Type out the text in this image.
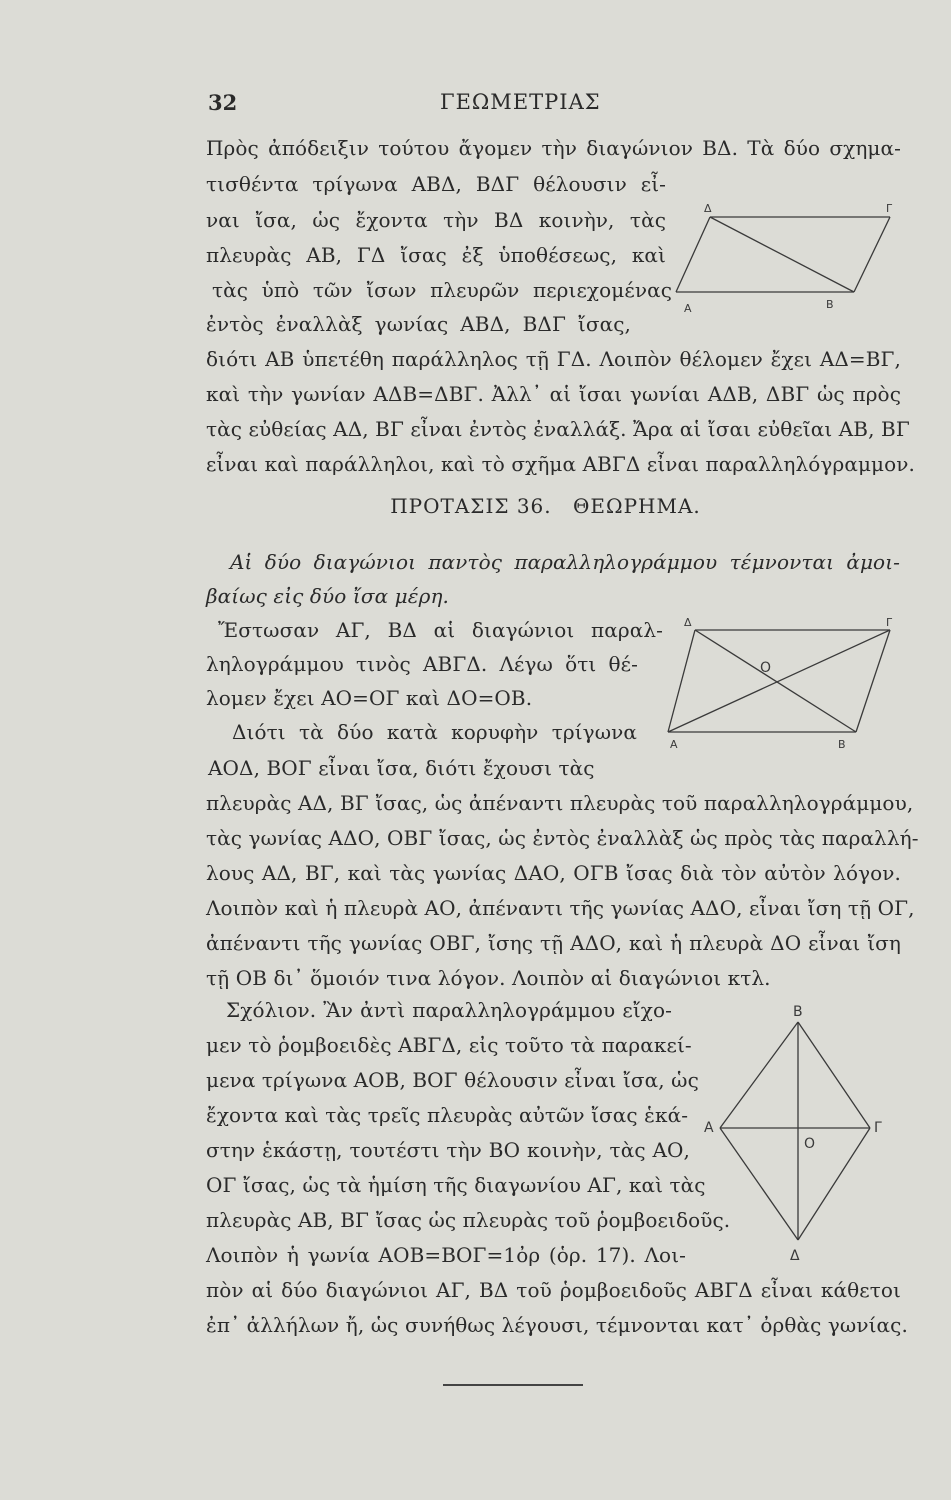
32	ΓΕΩΜΕΤΡΙΑΣ
Πρὸς ἀπόδειξιν τούτου ἄγομεν τὴν διαγώνιον ΒΔ. Τὰ δύο σχημα-
τισθέντα τρίγωνα ΑΒΔ, ΒΔΓ θέλουσιν εἶ-
ναι ἴσα, ὡς ἔχοντα τὴν ΒΔ κοινὴν, τὰς
πλευρὰς ΑΒ, ΓΔ ἴσας ἐξ ὑποθέσεως, καὶ
τὰς ὑπὸ τῶν ἴσων πλευρῶν περιεχομένας
ἐντὸς ἐναλλὰξ γωνίας ΑΒΔ, ΒΔΓ ἴσας,
διότι ΑΒ ὑπετέθη παράλληλος τῇ ΓΔ. Λοιπὸν θέλομεν ἔχει ΑΔ=ΒΓ,
καὶ τὴν γωνίαν ΑΔΒ=ΔΒΓ. Ἀλλ᾽ αἱ ἴσαι γωνίαι ΑΔΒ, ΔΒΓ ὡς πρὸς
τὰς εὐθείας ΑΔ, ΒΓ εἶναι ἐντὸς ἐναλλάξ. Ἄρα αἱ ἴσαι εὐθεῖαι ΑΒ, ΒΓ
εἶναι καὶ παράλληλοι, καὶ τὸ σχῆμα ΑΒΓΔ εἶναι παραλληλόγραμμον.
Δ	Γ
Α	Β
ΠΡΟΤΑΣΙΣ 36. ΘΕΩΡΗΜΑ.
Αἱ δύο διαγώνιοι παντὸς παραλληλογράμμου τέμνονται ἀμοι-
βαίως εἰς δύο ἴσα μέρη.
Ἔστωσαν ΑΓ, ΒΔ αἱ διαγώνιοι παραλ-
ληλογράμμου τινὸς ΑΒΓΔ. Λέγω ὅτι θέ-
λομεν ἔχει ΑΟ=ΟΓ καὶ ΔΟ=ΟΒ.
Διότι τὰ δύο κατὰ κορυφὴν τρίγωνα
ΑΟΔ, ΒΟΓ εἶναι ἴσα, διότι ἔχουσι τὰς
πλευρὰς ΑΔ, ΒΓ ἴσας, ὡς ἀπέναντι πλευρὰς τοῦ παραλληλογράμμου,
τὰς γωνίας ΑΔΟ, ΟΒΓ ἴσας, ὡς ἐντὸς ἐναλλὰξ ὡς πρὸς τὰς παραλλή-
λους ΑΔ, ΒΓ, καὶ τὰς γωνίας ΔΑΟ, ΟΓΒ ἴσας διὰ τὸν αὐτὸν λόγον.
Λοιπὸν καὶ ἡ πλευρὰ ΑΟ, ἀπέναντι τῆς γωνίας ΑΔΟ, εἶναι ἴση τῇ ΟΓ,
ἀπέναντι τῆς γωνίας ΟΒΓ, ἴσης τῇ ΑΔΟ, καὶ ἡ πλευρὰ ΔΟ εἶναι ἴση
τῇ ΟΒ δι᾽ ὅμοιόν τινα λόγον. Λοιπὸν αἱ διαγώνιοι κτλ.
Δ	Γ
Ο
Α	Β
Σχόλιον. Ἂν ἀντὶ παραλληλογράμμου εἴχο-
μεν τὸ ῥομβοειδὲς ΑΒΓΔ, εἰς τοῦτο τὰ παρακεί-
μενα τρίγωνα ΑΟΒ, ΒΟΓ θέλουσιν εἶναι ἴσα, ὡς
ἔχοντα καὶ τὰς τρεῖς πλευρὰς αὐτῶν ἴσας ἑκά-
στην ἑκάστῃ, τουτέστι τὴν ΒΟ κοινὴν, τὰς ΑΟ,
ΟΓ ἴσας, ὡς τὰ ἡμίση τῆς διαγωνίου ΑΓ, καὶ τὰς
πλευρὰς ΑΒ, ΒΓ ἴσας ὡς πλευρὰς τοῦ ῥομβοειδοῦς.
Λοιπὸν ἡ γωνία ΑΟΒ=ΒΟΓ=1ὀρ (ὁρ. 17). Λοι-
πὸν αἱ δύο διαγώνιοι ΑΓ, ΒΔ τοῦ ῥομβοειδοῦς ΑΒΓΔ εἶναι κάθετοι
ἐπ᾽ ἀλλήλων ἤ, ὡς συνήθως λέγουσι, τέμνονται κατ᾽ ὀρθὰς γωνίας.
Β
Α
Ο
Γ
Δ
